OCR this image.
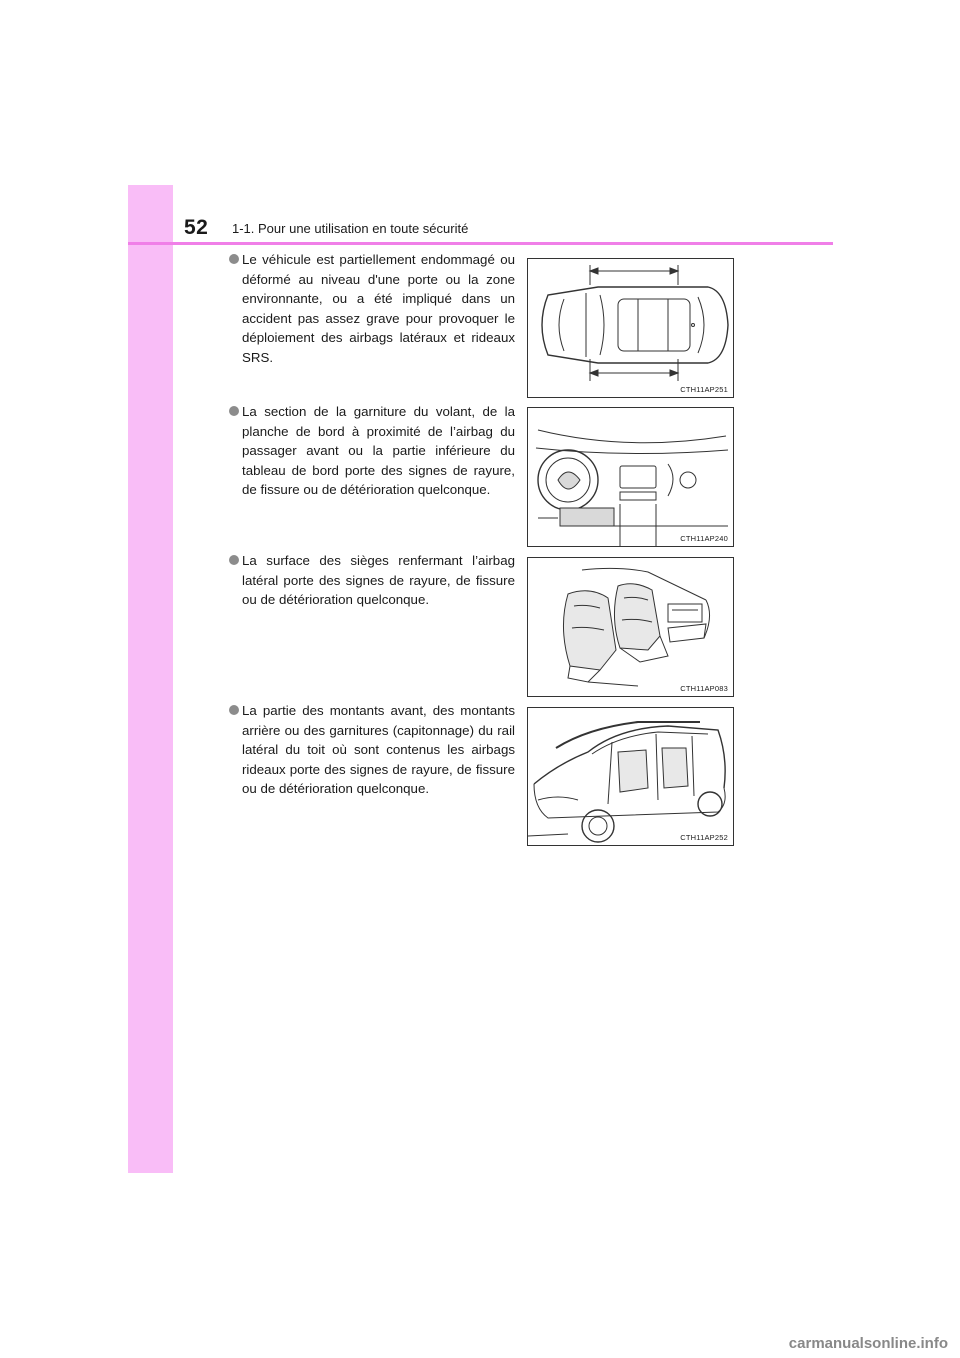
52 1-1. Pour une utilisation en toute sécurité
Le véhicule est partiellement endommagé ou déformé au niveau d'une porte ou la zone environnante, ou a été impliqué dans un accident pas assez grave pour provoquer le déploiement des airbags latéraux et rideaux SRS.
CTH11AP251
La section de la garniture du volant, de la planche de bord à proximité de l’airbag du passager avant ou la partie inférieure du tableau de bord porte des signes de rayure, de fissure ou de détérioration quelconque.
CTH11AP240
La surface des sièges renfermant l’airbag latéral porte des signes de rayure, de fissure ou de détérioration quelconque.
CTH11AP083
La partie des montants avant, des montants arrière ou des garnitures (capitonnage) du rail latéral du toit où sont contenus les airbags rideaux porte des signes de rayure, de fissure ou de détérioration quelconque.
CTH11AP252
carmanualsonline.info
